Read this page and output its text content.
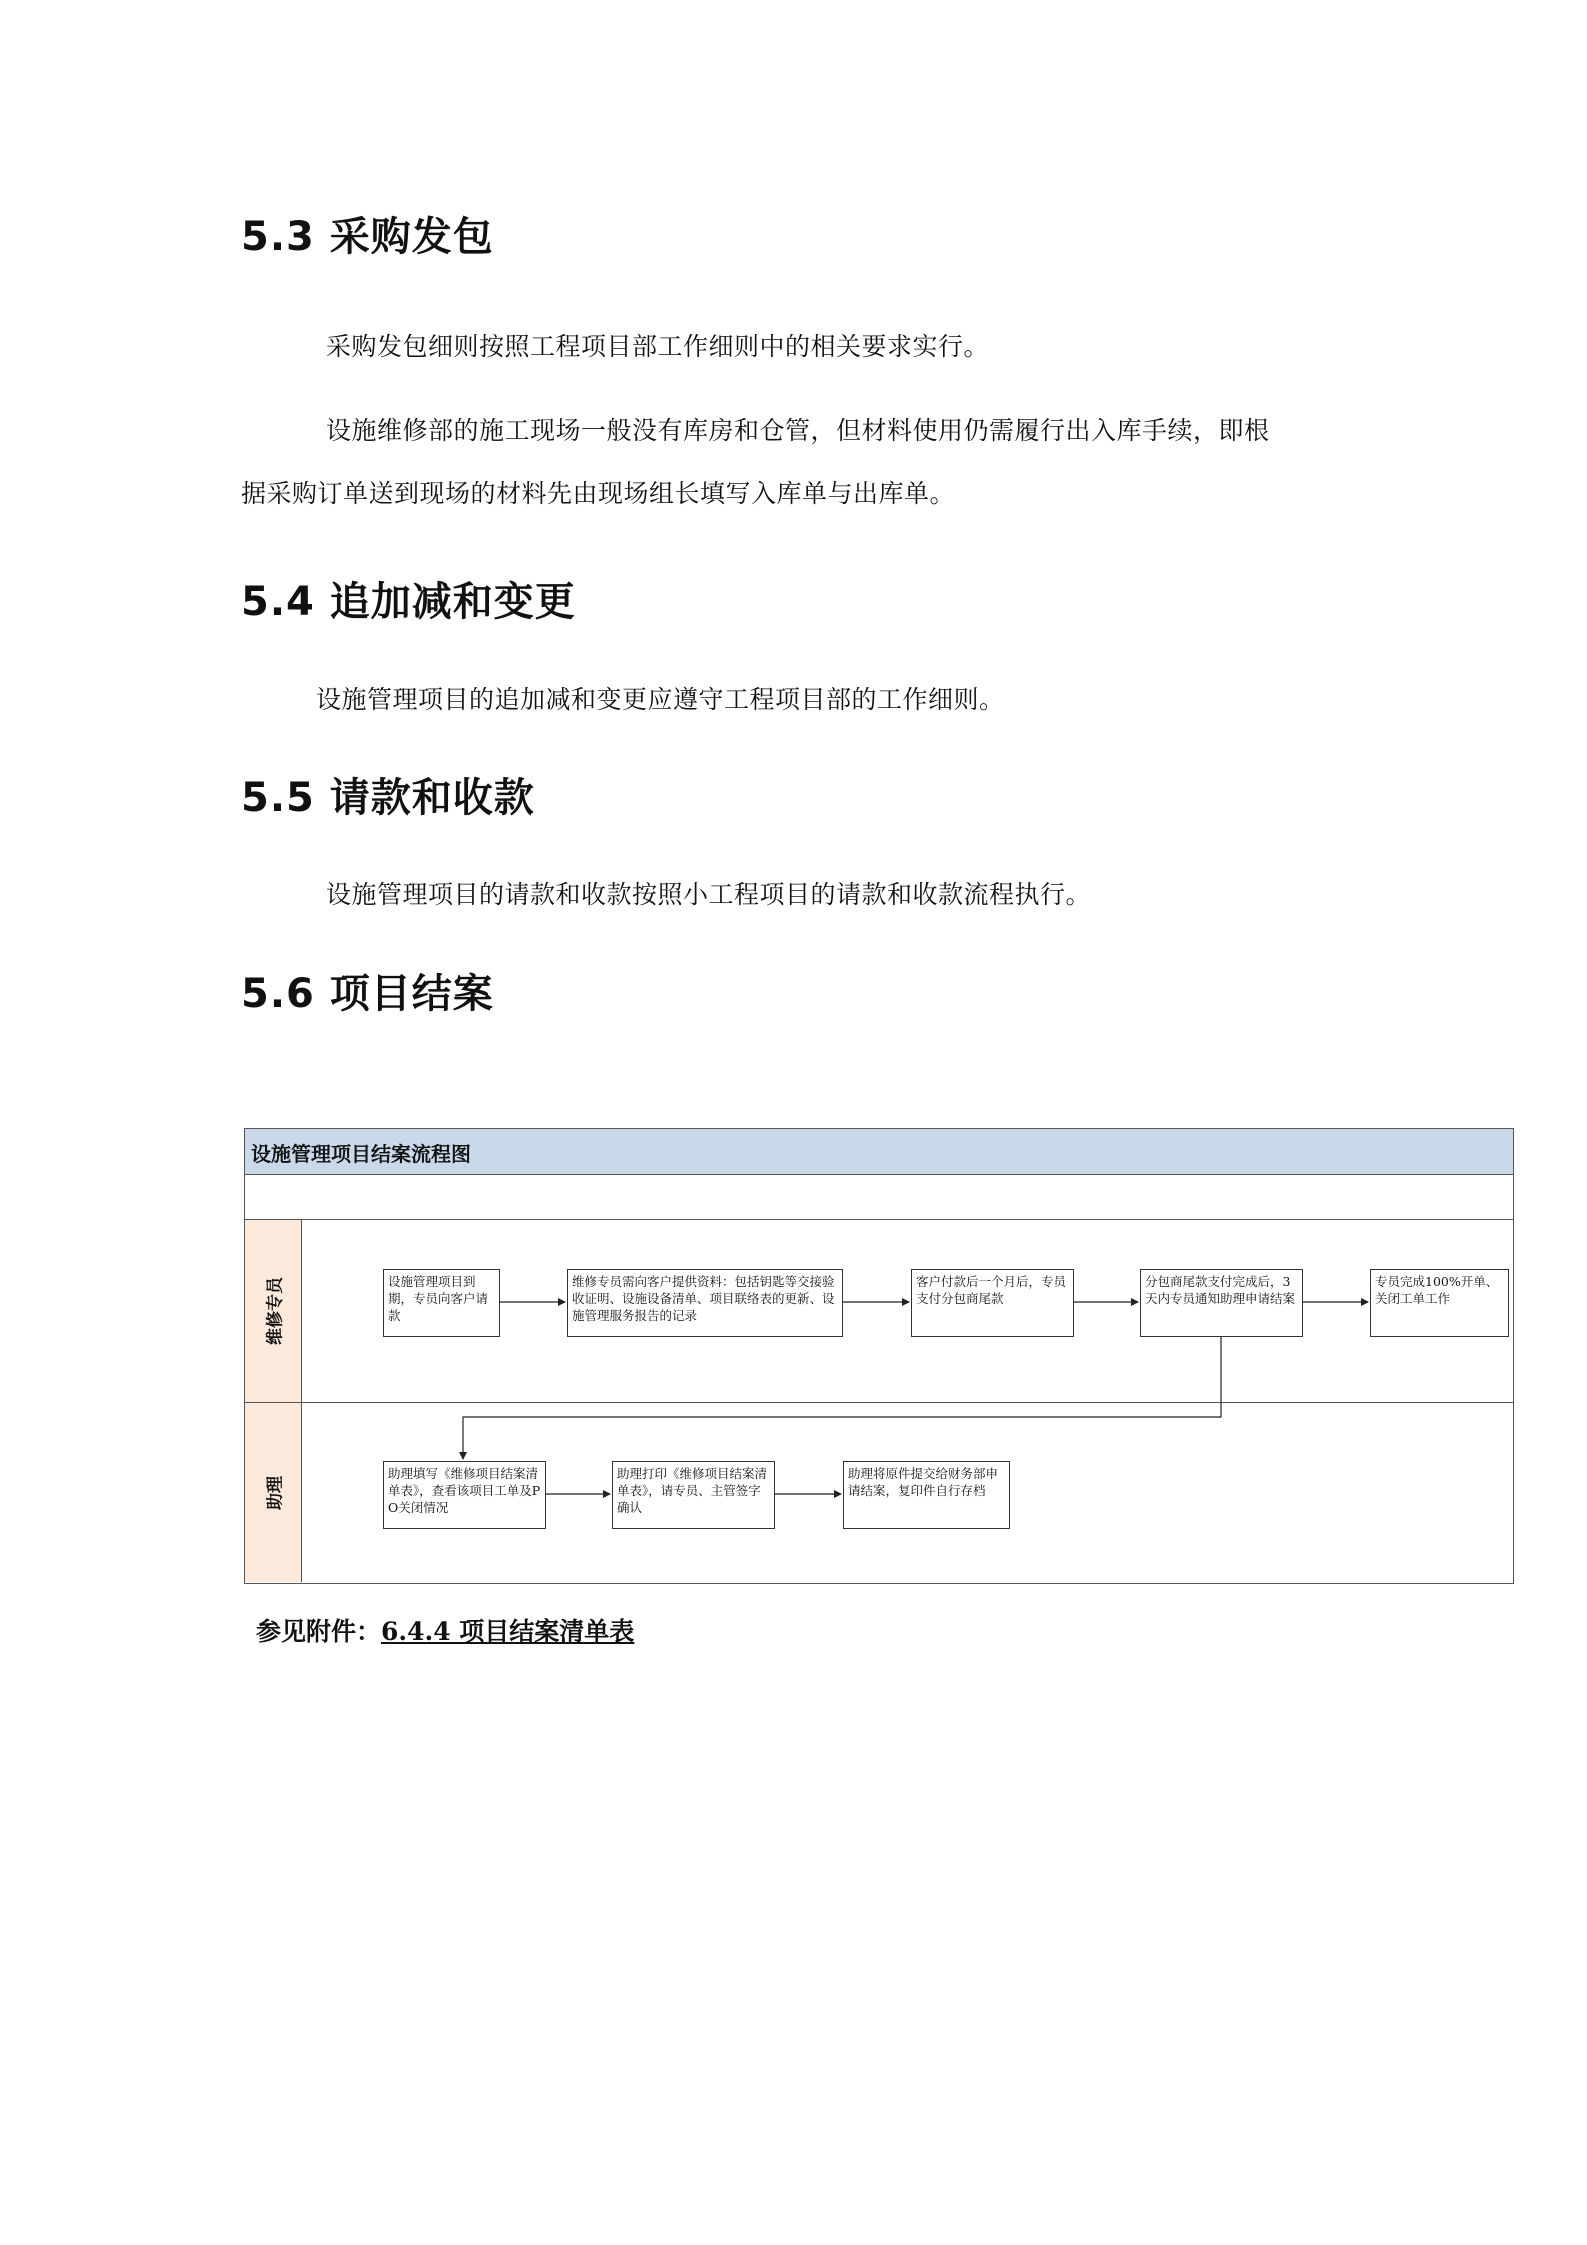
5.3 采购发包

采购发包细则按照工程项目部工作细则中的相关要求实行。

设施维修部的施工现场一般没有库房和仓管，但材料使用仍需履行出入库手续，即根

据采购订单送到现场的材料先由现场组长填写入库单与出库单。

5.4 追加减和变更

设施管理项目的追加减和变更应遵守工程项目部的工作细则。

5.5 请款和收款

设施管理项目的请款和收款按照小工程项目的请款和收款流程执行。

5.6 项目结案
设施管理项目结案流程图
维修专员
助理
设施管理项目到期，专员向客户请款
维修专员需向客户提供资料：包括钥匙等交接验收证明、设施设备清单、项目联络表的更新、设施管理服务报告的记录
客户付款后一个月后，专员支付分包商尾款
分包商尾款支付完成后，3天内专员通知助理申请结案
专员完成100%开单、关闭工单工作
助理填写《维修项目结案清单表》，查看该项目工单及PO关闭情况
助理打印《维修项目结案清单表》，请专员、主管签字确认
助理将原件提交给财务部申请结案，复印件自行存档
参见附件：6.4.4 项目结案清单表
